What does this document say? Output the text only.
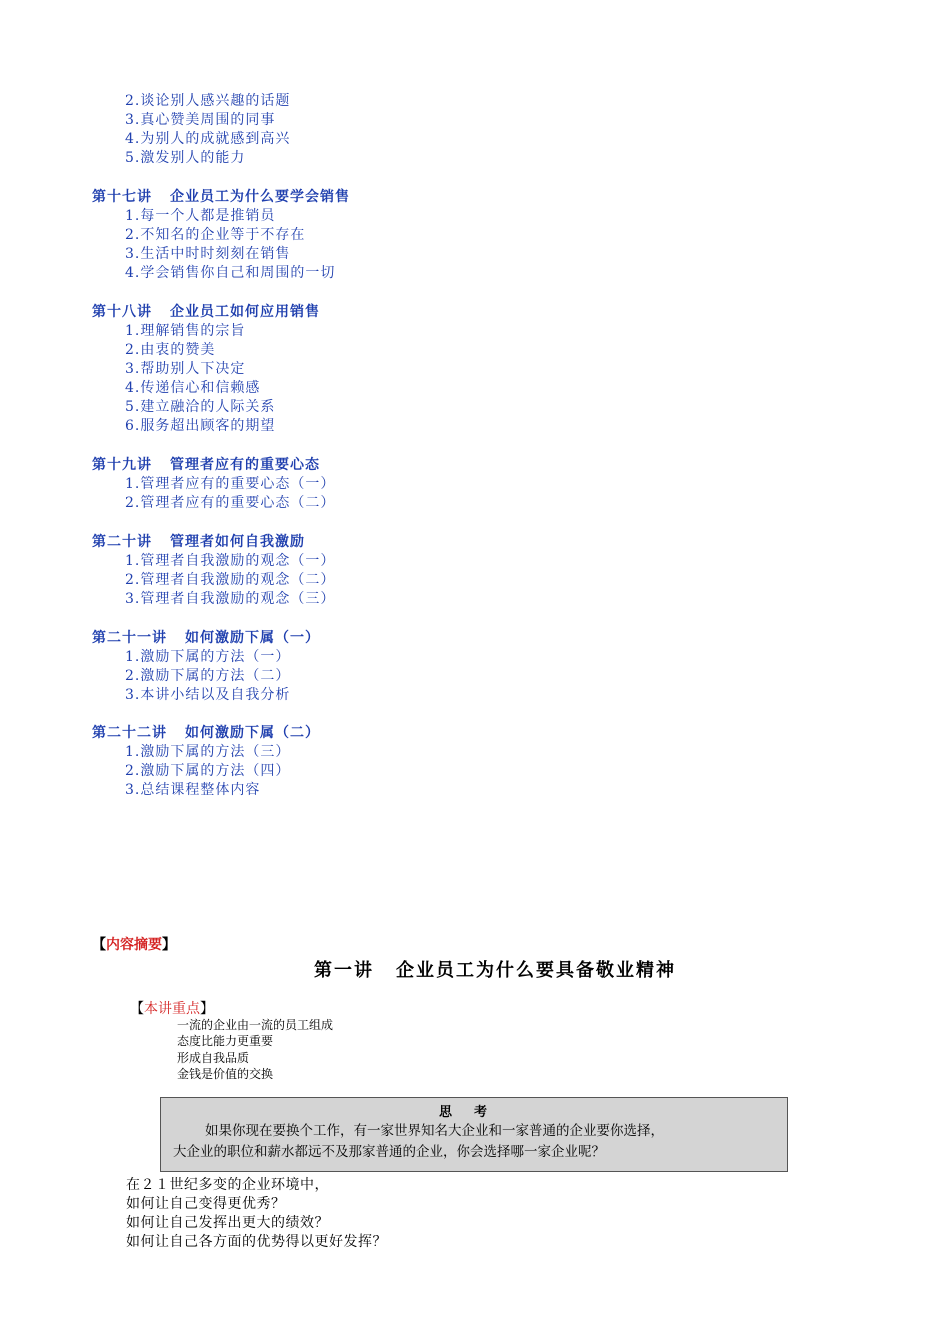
2.谈论别人感兴趣的话题
3.真心赞美周围的同事
4.为别人的成就感到高兴
5.激发别人的能力
第十七讲 企业员工为什么要学会销售
1.每一个人都是推销员
2.不知名的企业等于不存在
3.生活中时时刻刻在销售
4.学会销售你自己和周围的一切
第十八讲 企业员工如何应用销售
1.理解销售的宗旨
2.由衷的赞美
3.帮助别人下决定
4.传递信心和信赖感
5.建立融洽的人际关系
6.服务超出顾客的期望
第十九讲 管理者应有的重要心态
1.管理者应有的重要心态（一）
2.管理者应有的重要心态（二）
第二十讲 管理者如何自我激励
1.管理者自我激励的观念（一）
2.管理者自我激励的观念（二）
3.管理者自我激励的观念（三）
第二十一讲 如何激励下属（一）
1.激励下属的方法（一）
2.激励下属的方法（二）
3.本讲小结以及自我分析
第二十二讲 如何激励下属（二）
1.激励下属的方法（三）
2.激励下属的方法（四）
3.总结课程整体内容
【内容摘要】
第一讲 企业员工为什么要具备敬业精神
【本讲重点】
一流的企业由一流的员工组成
态度比能力更重要
形成自我品质
金钱是价值的交换
思考
如果你现在要换个工作，有一家世界知名大企业和一家普通的企业要你选择，
大企业的职位和薪水都远不及那家普通的企业，你会选择哪一家企业呢？
在２１世纪多变的企业环境中，
如何让自己变得更优秀？
如何让自己发挥出更大的绩效？
如何让自己各方面的优势得以更好发挥？
